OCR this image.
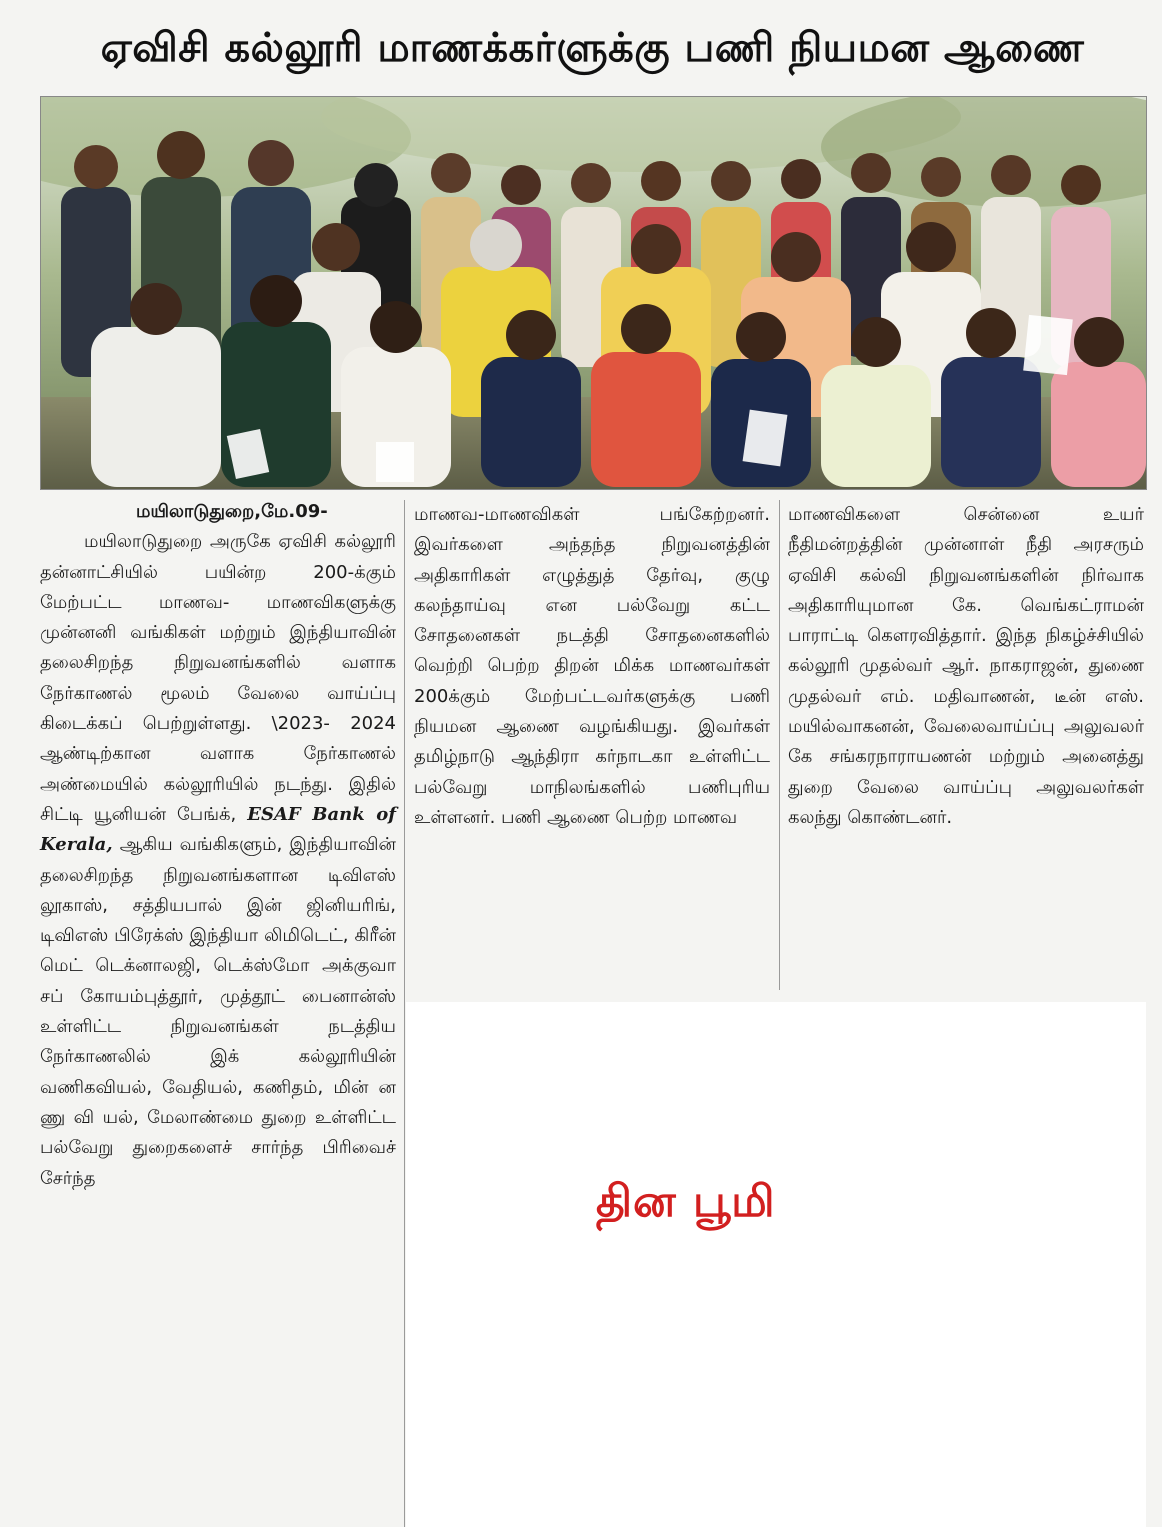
ஏவிசி கல்லூரி மாணக்கர்ளுக்கு பணி நியமன ஆணை

மயிலாடுதுறை,மே.09-

மயிலாடுதுறை அருகே ஏவிசி கல்லூரி தன்னாட்சியில் பயின்ற 200-க்கும் மேற்பட்ட மாணவ- மாணவிகளுக்கு முன்னனி வங்கிகள் மற்றும் இந்தியாவின் தலைசிறந்த நிறுவனங்களில் வளாக நேர்காணல் மூலம் வேலை வாய்ப்பு கிடைக்கப் பெற்றுள்ளது. \2023- 2024 ஆண்டிற்கான வளாக நேர்காணல் அண்மையில் கல்லூரியில் நடந்து. இதில் சிட்டி யூனியன் பேங்க், ESAF Bank of Kerala, ஆகிய வங்கிகளும், இந்தியாவின் தலைசிறந்த நிறுவனங்களான டிவிஎஸ் லூகாஸ், சத்தியபால் இன் ஜினியரிங், டிவிஎஸ் பிரேக்ஸ் இந்தியா லிமிடெட், கிரீன் மெட் டெக்னாலஜி, டெக்ஸ்மோ அக்குவா சப் கோயம்புத்தூர், முத்தூட் பைனான்ஸ் உள்ளிட்ட நிறுவனங்கள் நடத்திய நேர்காணலில் இக் கல்லூரியின் வணிகவியல், வேதியல், கணிதம், மின் ன ணு வி யல், மேலாண்மை துறை உள்ளிட்ட பல்வேறு துறைகளைச் சார்ந்த பிரிவைச் சேர்ந்த

மாணவ-மாணவிகள் பங்கேற்றனர். இவர்களை அந்தந்த நிறுவனத்தின் அதிகாரிகள் எழுத்துத் தேர்வு, குழு கலந்தாய்வு என பல்வேறு கட்ட சோதனைகள் நடத்தி சோதனைகளில் வெற்றி பெற்ற திறன் மிக்க மாணவர்கள் 200க்கும் மேற்பட்டவர்களுக்கு பணி நியமன ஆணை வழங்கியது. இவர்கள் தமிழ்நாடு ஆந்திரா கர்நாடகா உள்ளிட்ட பல்வேறு மாநிலங்களில் பணிபுரிய உள்ளனர். பணி ஆணை பெற்ற மாணவ

மாணவிகளை சென்னை உயர் நீதிமன்றத்தின் முன்னாள் நீதி அரசரும் ஏவிசி கல்வி நிறுவனங்களின் நிர்வாக அதிகாரியுமான கே. வெங்கட்ராமன் பாராட்டி கௌரவித்தார். இந்த நிகழ்ச்சியில் கல்லூரி முதல்வர் ஆர். நாகராஜன், துணை முதல்வர் எம். மதிவாணன், டீன் எஸ். மயில்வாகனன், வேலைவாய்ப்பு அலுவலர் கே சங்கரநாராயணன் மற்றும் அனைத்து துறை வேலை வாய்ப்பு அலுவலர்கள் கலந்து கொண்டனர்.

தின பூமி
